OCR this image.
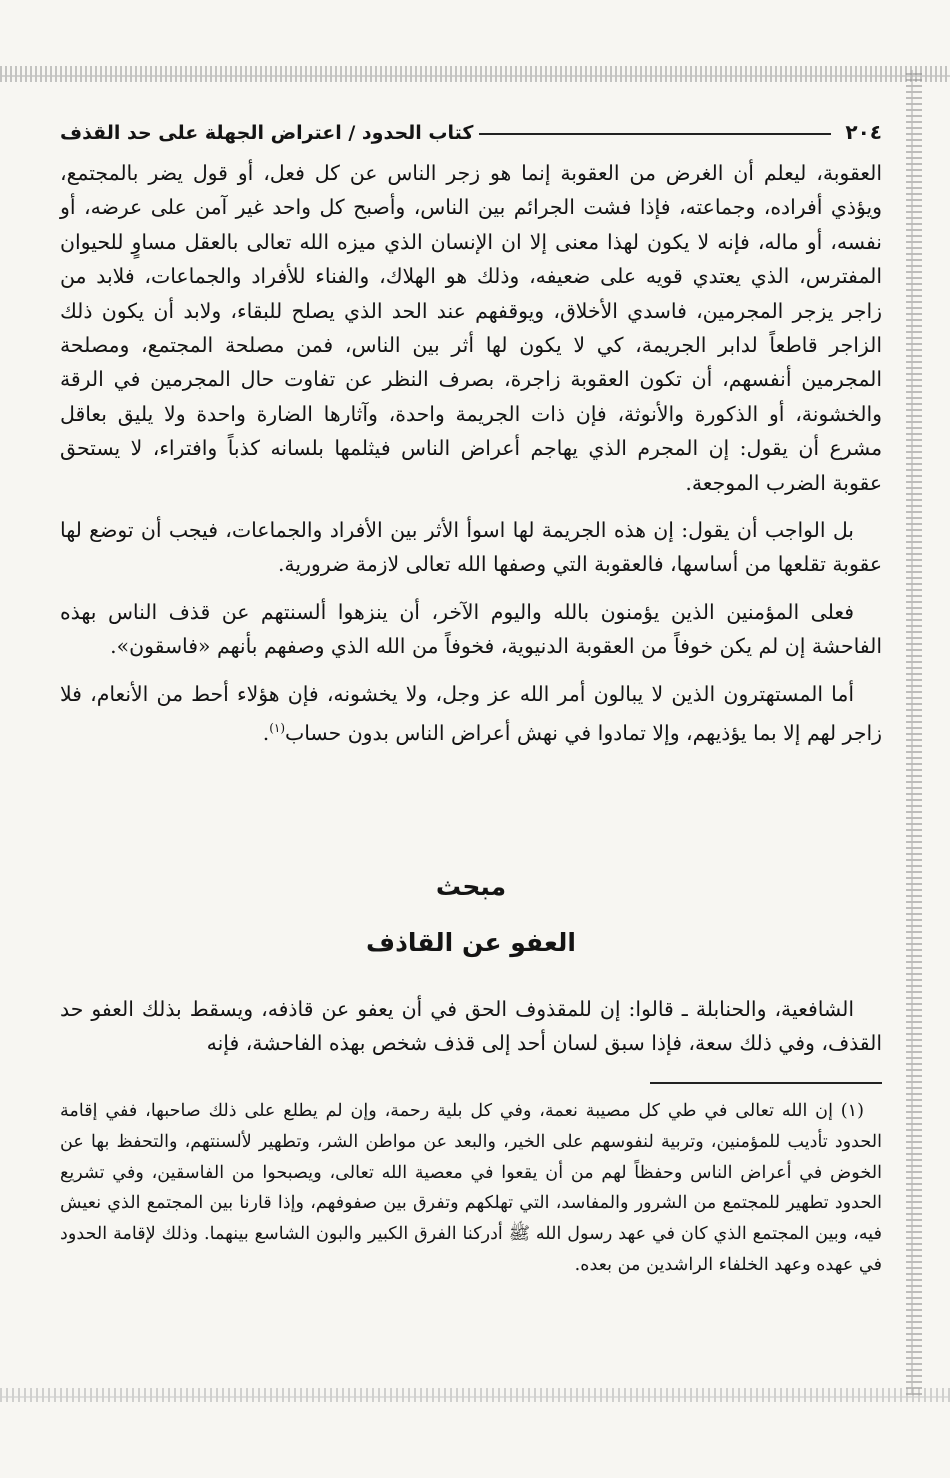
٢٠٤
كتاب الحدود / اعتراض الجهلة على حد القذف

العقوبة، ليعلم أن الغرض من العقوبة إنما هو زجر الناس عن كل فعل، أو قول يضر بالمجتمع، ويؤذي أفراده، وجماعته، فإذا فشت الجرائم بين الناس، وأصبح كل واحد غير آمن على عرضه، أو نفسه، أو ماله، فإنه لا يكون لهذا معنى إلا ان الإنسان الذي ميزه الله تعالى بالعقل مساوٍ للحيوان المفترس، الذي يعتدي قويه على ضعيفه، وذلك هو الهلاك، والفناء للأفراد والجماعات، فلابد من زاجر يزجر المجرمين، فاسدي الأخلاق، ويوقفهم عند الحد الذي يصلح للبقاء، ولابد أن يكون ذلك الزاجر قاطعاً لدابر الجريمة، كي لا يكون لها أثر بين الناس، فمن مصلحة المجتمع، ومصلحة المجرمين أنفسهم، أن تكون العقوبة زاجرة، بصرف النظر عن تفاوت حال المجرمين في الرقة والخشونة، أو الذكورة والأنوثة، فإن ذات الجريمة واحدة، وآثارها الضارة واحدة ولا يليق بعاقل مشرع أن يقول: إن المجرم الذي يهاجم أعراض الناس فيثلمها بلسانه كذباً وافتراء، لا يستحق عقوبة الضرب الموجعة.

بل الواجب أن يقول: إن هذه الجريمة لها اسوأ الأثر بين الأفراد والجماعات، فيجب أن توضع لها عقوبة تقلعها من أساسها، فالعقوبة التي وصفها الله تعالى لازمة ضرورية.

فعلى المؤمنين الذين يؤمنون بالله واليوم الآخر، أن ينزهوا ألسنتهم عن قذف الناس بهذه الفاحشة إن لم يكن خوفاً من العقوبة الدنيوية، فخوفاً من الله الذي وصفهم بأنهم «فاسقون».

أما المستهترون الذين لا يبالون أمر الله عز وجل، ولا يخشونه، فإن هؤلاء أحط من الأنعام، فلا زاجر لهم إلا بما يؤذيهم، وإلا تمادوا في نهش أعراض الناس بدون حساب$^{(١)}$.

مبحث
العفو عن القاذف

الشافعية، والحنابلة ـ قالوا: إن للمقذوف الحق في أن يعفو عن قاذفه، ويسقط بذلك العفو حد القذف، وفي ذلك سعة، فإذا سبق لسان أحد إلى قذف شخص بهذه الفاحشة، فإنه

(١) إن الله تعالى في طي كل مصيبة نعمة، وفي كل بلية رحمة، وإن لم يطلع على ذلك صاحبها، ففي إقامة الحدود تأديب للمؤمنين، وتربية لنفوسهم على الخير، والبعد عن مواطن الشر، وتطهير لألسنتهم، والتحفظ بها عن الخوض في أعراض الناس وحفظاً لهم من أن يقعوا في معصية الله تعالى، ويصبحوا من الفاسقين، وفي تشريع الحدود تطهير للمجتمع من الشرور والمفاسد، التي تهلكهم وتفرق بين صفوفهم، وإذا قارنا بين المجتمع الذي نعيش فيه، وبين المجتمع الذي كان في عهد رسول الله ﷺ أدركنا الفرق الكبير والبون الشاسع بينهما. وذلك لإقامة الحدود في عهده وعهد الخلفاء الراشدين من بعده.
